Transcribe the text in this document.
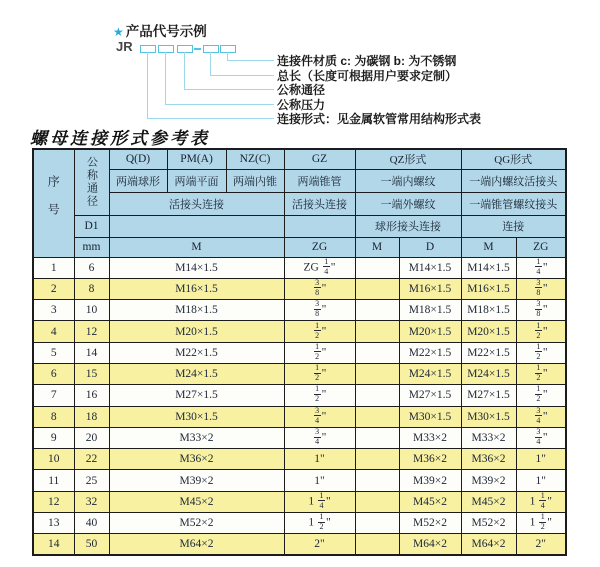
★ 产品代号示例
JR
连接件材质 c: 为碳钢 b: 为不锈钢
总长（长度可根据用户要求定制）
公称通径
公称压力
连接形式：见金属软管常用结构形式表
螺母连接形式参考表
序号	公称通径	Q(D)	PM(A)	NZ(C)	GZ	QZ形式		QG形式	
		两端球形	两端平面	两端内锥	两端锥管	一端内螺纹		一端内螺纹活接头	
		活接头连接			活接头连接	一端外螺纹		一端锥管螺纹接头	
	D1					球形接头连接		连接	
	mm	M			ZG	M	D	M	ZG
1	6	M14×1.5			ZG $\frac{1}{4}$ "		M14×1.5	M14×1.5	$\frac{1}{4}$ "
2	8	M16×1.5			$\frac{3}{8}$ "		M16×1.5	M16×1.5	$\frac{3}{8}$ "
3	10	M18×1.5			$\frac{3}{8}$ "		M18×1.5	M18×1.5	$\frac{3}{8}$ "
4	12	M20×1.5			$\frac{1}{2}$ "		M20×1.5	M20×1.5	$\frac{1}{2}$ "
5	14	M22×1.5			$\frac{1}{2}$ "		M22×1.5	M22×1.5	$\frac{1}{2}$ "
6	15	M24×1.5			$\frac{1}{2}$ "		M24×1.5	M24×1.5	$\frac{1}{2}$ "
7	16	M27×1.5			$\frac{1}{2}$ "		M27×1.5	M27×1.5	$\frac{1}{2}$ "
8	18	M30×1.5			$\frac{3}{4}$ "		M30×1.5	M30×1.5	$\frac{3}{4}$ "
9	20	M33×2			$\frac{3}{4}$ "		M33×2	M33×2	$\frac{3}{4}$ "
10	22	M36×2			1"		M36×2	M36×2	1"
11	25	M39×2			1"		M39×2	M39×2	1"
12	32	M45×2			$1 \frac{1}{4}$ "		M45×2	M45×2	$1 \frac{1}{4}$ "
13	40	M52×2			$1 \frac{1}{2}$ "		M52×2	M52×2	$1 \frac{1}{2}$ "
14	50	M64×2			2"		M64×2	M64×2	2"
